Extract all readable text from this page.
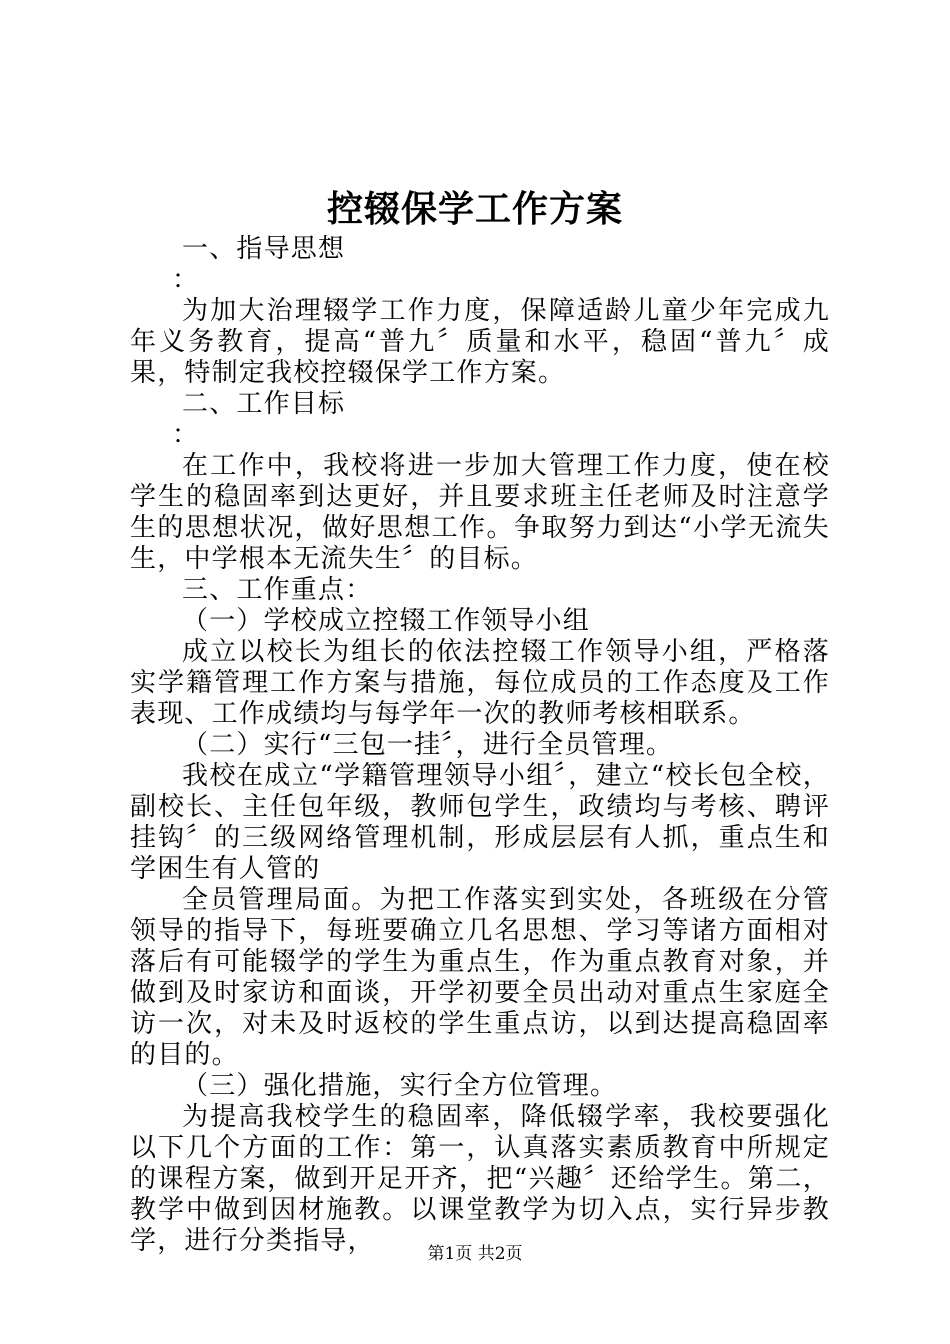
控辍保学工作方案

一、指导思想

：

为加大治理辍学工作力度，保障适龄儿童少年完成九年义务教育，提高“普九〞质量和水平，稳固“普九〞成果，特制定我校控辍保学工作方案。

二、工作目标

：

在工作中，我校将进一步加大管理工作力度，使在校学生的稳固率到达更好，并且要求班主任老师及时注意学生的思想状况，做好思想工作。争取努力到达“小学无流失生，中学根本无流失生〞的目标。

三、工作重点：

（一）学校成立控辍工作领导小组

成立以校长为组长的依法控辍工作领导小组，严格落实学籍管理工作方案与措施，每位成员的工作态度及工作表现、工作成绩均与每学年一次的教师考核相联系。

（二）实行“三包一挂〞，进行全员管理。

我校在成立“学籍管理领导小组〞，建立“校长包全校，副校长、主任包年级，教师包学生，政绩均与考核、聘评挂钩〞的三级网络管理机制，形成层层有人抓，重点生和学困生有人管的

全员管理局面。为把工作落实到实处，各班级在分管领导的指导下，每班要确立几名思想、学习等诸方面相对落后有可能辍学的学生为重点生，作为重点教育对象，并做到及时家访和面谈，开学初要全员出动对重点生家庭全访一次，对未及时返校的学生重点访，以到达提高稳固率的目的。

（三）强化措施，实行全方位管理。

为提高我校学生的稳固率，降低辍学率，我校要强化以下几个方面的工作：第一，认真落实素质教育中所规定的课程方案，做到开足开齐，把“兴趣〞还给学生。第二，教学中做到因材施教。以课堂教学为切入点，实行异步教学，进行分类指导，	第1页 共2页
